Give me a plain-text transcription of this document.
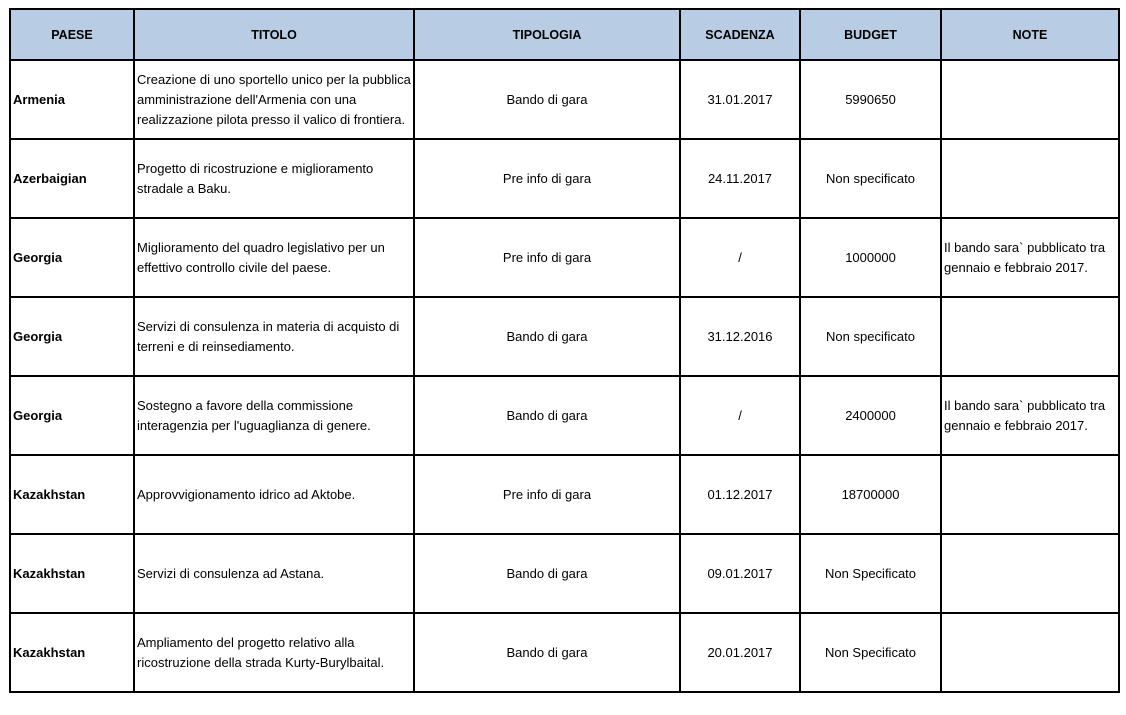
PAESE	TITOLO	TIPOLOGIA	SCADENZA	BUDGET	NOTE
Armenia	Creazione di uno sportello unico per la pubblica amministrazione dell'Armenia con una realizzazione pilota presso il valico di frontiera.	Bando di gara	31.01.2017	5990650	
Azerbaigian	Progetto di ricostruzione e miglioramento stradale a Baku.	Pre info di gara	24.11.2017	Non specificato	
Georgia	Miglioramento del quadro legislativo per un effettivo controllo civile del paese.	Pre info di gara	/	1000000	Il bando sara` pubblicato tra gennaio e febbraio 2017.
Georgia	Servizi di consulenza in materia di acquisto di terreni e di reinsediamento.	Bando di gara	31.12.2016	Non specificato	
Georgia	Sostegno a favore della commissione interagenzia per l'uguaglianza di genere.	Bando di gara	/	2400000	Il bando sara` pubblicato tra gennaio e febbraio 2017.
Kazakhstan	Approvvigionamento idrico ad Aktobe.	Pre info di gara	01.12.2017	18700000	
Kazakhstan	Servizi di consulenza ad Astana.	Bando di gara	09.01.2017	Non Specificato	
Kazakhstan	Ampliamento del progetto relativo alla ricostruzione della strada Kurty-Burylbaital.	Bando di gara	20.01.2017	Non Specificato	
